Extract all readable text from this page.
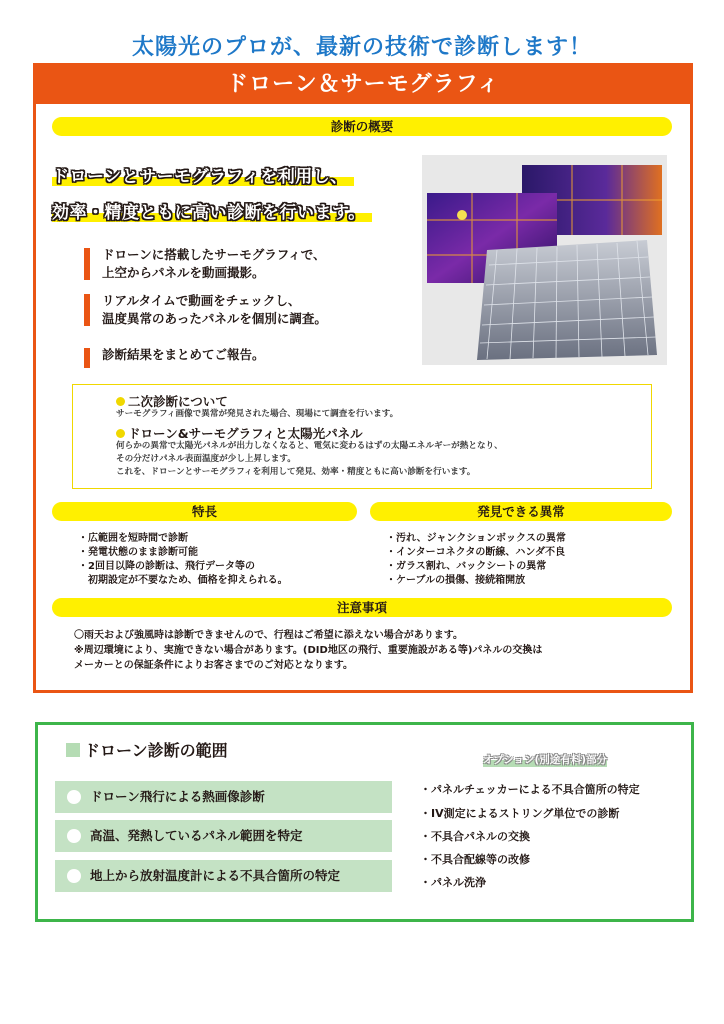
太陽光のプロが、最新の技術で診断します！
ドローン＆サーモグラフィ
診断の概要
ドローンとサーモグラフィを利用し、
効率・精度ともに高い診断を行います。
ドローンに搭載したサーモグラフィで、
上空からパネルを動画撮影。
リアルタイムで動画をチェックし、
温度異常のあったパネルを個別に調査。
診断結果をまとめてご報告。
二次診断について
サーモグラフィ画像で異常が発見された場合、現場にて調査を行います。
ドローン&サーモグラフィと太陽光パネル
何らかの異常で太陽光パネルが出力しなくなると、電気に変わるはずの太陽エネルギーが熱となり、
その分だけパネル表面温度が少し上昇します。
これを、ドローンとサーモグラフィを利用して発見、効率・精度ともに高い診断を行います。
特長	発見できる異常
・広範囲を短時間で診断
・発電状態のまま診断可能
・2回目以降の診断は、飛行データ等の
　初期設定が不要なため、価格を抑えられる。
・汚れ、ジャンクションボックスの異常
・インターコネクタの断線、ハンダ不良
・ガラス割れ、バックシートの異常
・ケーブルの損傷、接続箱開放
注意事項
〇雨天および強風時は診断できませんので、行程はご希望に添えない場合があります。
※周辺環境により、実施できない場合があります。(DID地区の飛行、重要施設がある等)パネルの交換は
メーカーとの保証条件によりお客さまでのご対応となります。
ドローン診断の範囲
ドローン飛行による熱画像診断
高温、発熱しているパネル範囲を特定
地上から放射温度計による不具合箇所の特定
オプション(別途有料)部分
・パネルチェッカーによる不具合箇所の特定
・IV測定によるストリング単位での診断
・不具合パネルの交換
・不具合配線等の改修
・パネル洗浄
